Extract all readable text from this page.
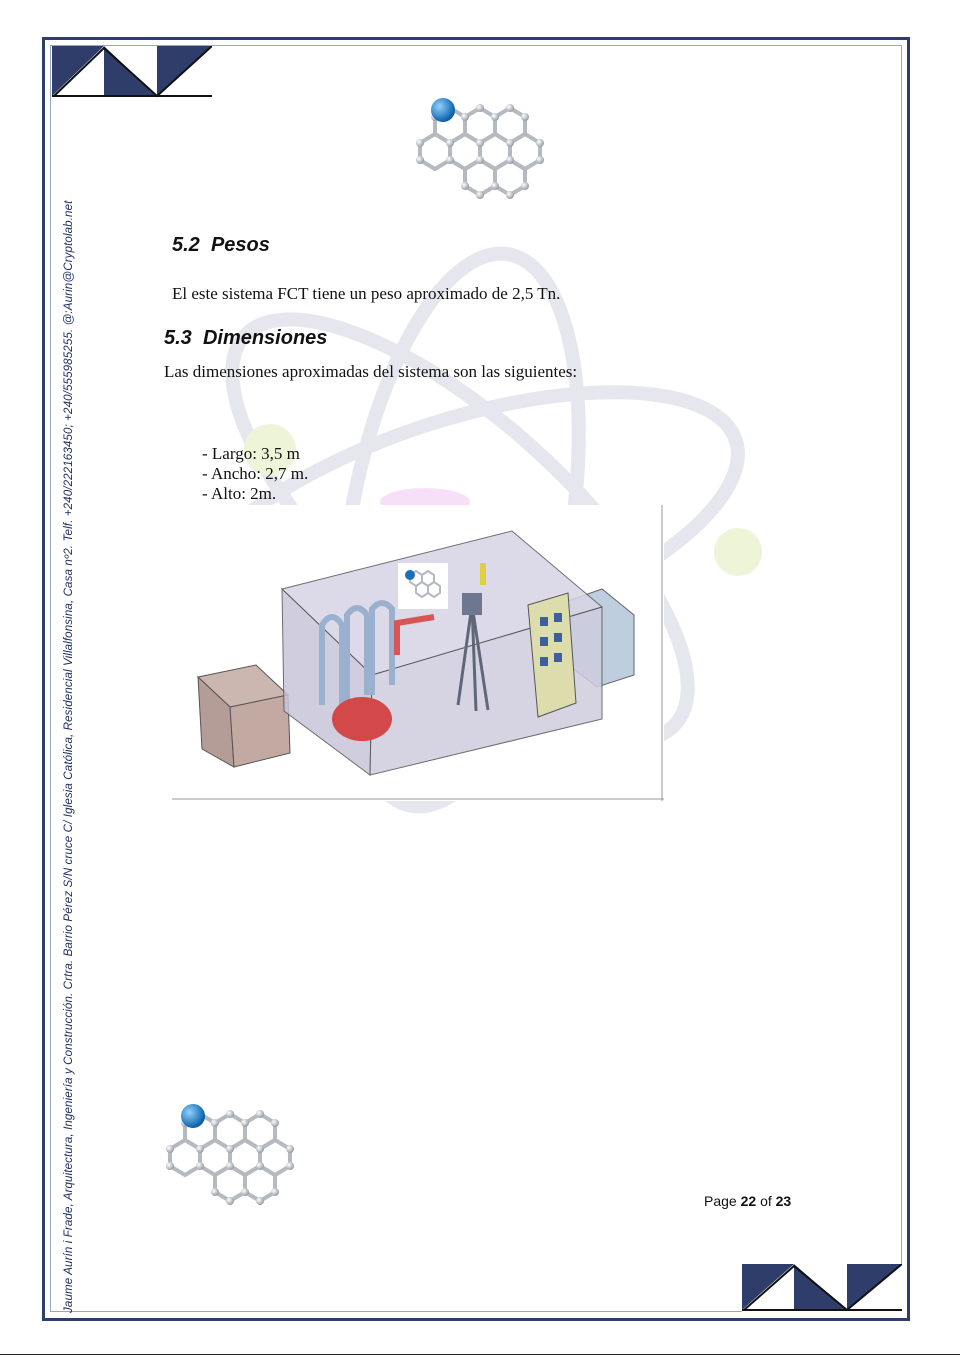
Jaume Aurín i Frade, Arquitectura, Ingeniería y Construcción. Crtra. Barrio Pérez S/N cruce C/ Iglesia Católica, Residencial Villalfonsina, Casa nº2. Telf. +240/222163450; +240/555985255. @:Aurin@Cryptolab.net	5.2 Pesos

El este sistema FCT tiene un peso aproximado de 2,5 Tn.

5.3 Dimensiones

Las dimensiones aproximadas del sistema son las siguientes:

- Largo: 3,5 m
- Ancho: 2,7 m.
- Alto: 2m.
Page 22 of 23
